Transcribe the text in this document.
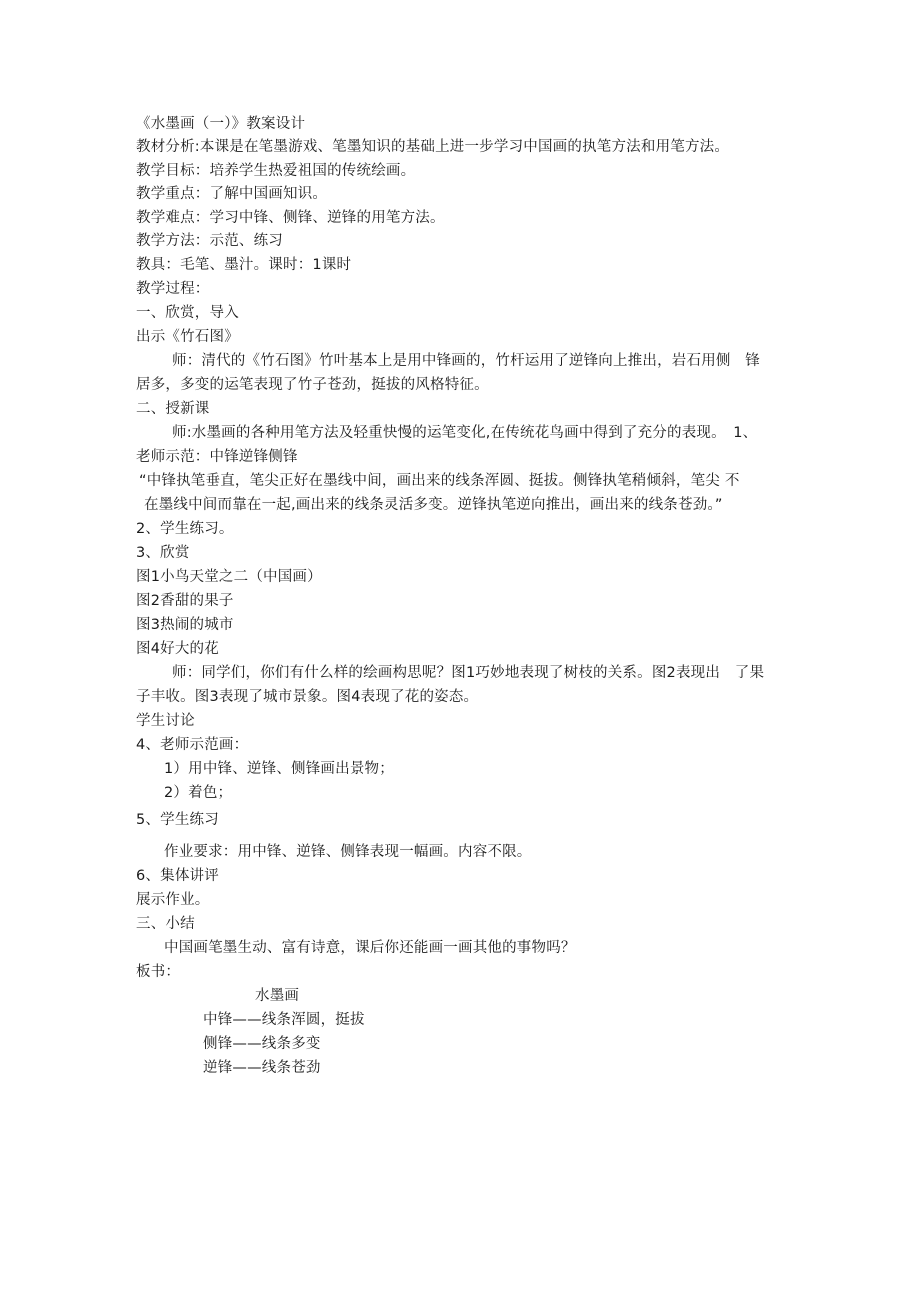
《水墨画（一）》教案设计
教材分析:本课是在笔墨游戏、笔墨知识的基础上进一步学习中国画的执笔方法和用笔方法。
教学目标：培养学生热爱祖国的传统绘画。
教学重点：了解中国画知识。
教学难点：学习中锋、侧锋、逆锋的用笔方法。
教学方法：示范、练习
教具：毛笔、墨汁。课时：1课时
教学过程：
一、欣赏，导入
出示《竹石图》
师：清代的《竹石图》竹叶基本上是用中锋画的，竹杆运用了逆锋向上推出，岩石用侧　锋
居多，多变的运笔表现了竹子苍劲，挺拔的风格特征。
二、授新课
师:水墨画的各种用笔方法及轻重快慢的运笔变化,在传统花鸟画中得到了充分的表现。　1、
老师示范：中锋逆锋侧锋
“中锋执笔垂直，笔尖正好在墨线中间，画出来的线条浑圆、挺拔。侧锋执笔稍倾斜，笔尖 不
在墨线中间而靠在一起,画出来的线条灵活多变。逆锋执笔逆向推出，画出来的线条苍劲。”
2、学生练习。
3、欣赏
图1小鸟天堂之二（中国画）
图2香甜的果子
图3热闹的城市
图4好大的花
师：同学们，你们有什么样的绘画构思呢？图1巧妙地表现了树枝的关系。图2表现出　了果
子丰收。图3表现了城市景象。图4表现了花的姿态。
学生讨论
4、老师示范画：
1）用中锋、逆锋、侧锋画出景物；
2）着色；
5、学生练习
作业要求：用中锋、逆锋、侧锋表现一幅画。内容不限。
6、集体讲评
展示作业。
三、小结
中国画笔墨生动、富有诗意，课后你还能画一画其他的事物吗？
板书：
水墨画
中锋——线条浑圆，挺拔
侧锋——线条多变
逆锋——线条苍劲
